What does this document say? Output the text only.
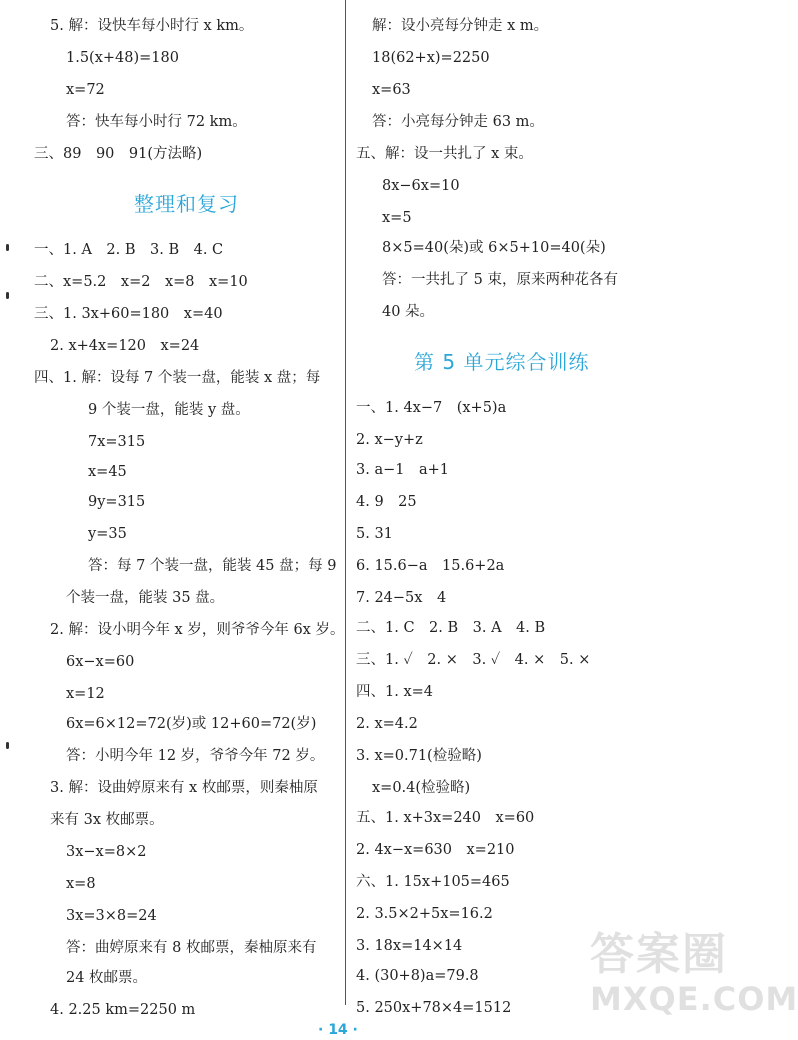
5. 解：设快车每小时行 x km。
1.5(x+48)=180
x=72
答：快车每小时行 72 km。
三、89　90　91(方法略)
整理和复习
一、1. A　2. B　3. B　4. C
二、x=5.2　x=2　x=8　x=10
三、1. 3x+60=180　x=40
2. x+4x=120　x=24
四、1. 解：设每 7 个装一盘，能装 x 盘；每
9 个装一盘，能装 y 盘。
7x=315
x=45
9y=315
y=35
答：每 7 个装一盘，能装 45 盘；每 9
个装一盘，能装 35 盘。
2. 解：设小明今年 x 岁，则爷爷今年 6x 岁。
6x−x=60
x=12
6x=6×12=72(岁)或 12+60=72(岁)
答：小明今年 12 岁，爷爷今年 72 岁。
3. 解：设曲婷原来有 x 枚邮票，则秦柚原
来有 3x 枚邮票。
3x−x=8×2
x=8
3x=3×8=24
答：曲婷原来有 8 枚邮票，秦柚原来有
24 枚邮票。
4. 2.25 km=2250 m
解：设小亮每分钟走 x m。
18(62+x)=2250
x=63
答：小亮每分钟走 63 m。
五、解：设一共扎了 x 束。
8x−6x=10
x=5
8×5=40(朵)或 6×5+10=40(朵)
答：一共扎了 5 束，原来两种花各有
40 朵。
第 5 单元综合训练
一、1. 4x−7　(x+5)a
2. x−y+z
3. a−1　a+1
4. 9　25
5. 31
6. 15.6−a　15.6+2a
7. 24−5x　4
二、1. C　2. B　3. A　4. B
三、1. ✓　2. ×　3. ✓　4. ×　5. ×
四、1. x=4
2. x=4.2
3. x=0.71(检验略)
x=0.4(检验略)
五、1. x+3x=240　x=60
2. 4x−x=630　x=210
六、1. 15x+105=465
2. 3.5×2+5x=16.2
3. 18x=14×14
4. (30+8)a=79.8
5. 250x+78×4=1512
· 14 ·
答案圈
MXQE.COM
